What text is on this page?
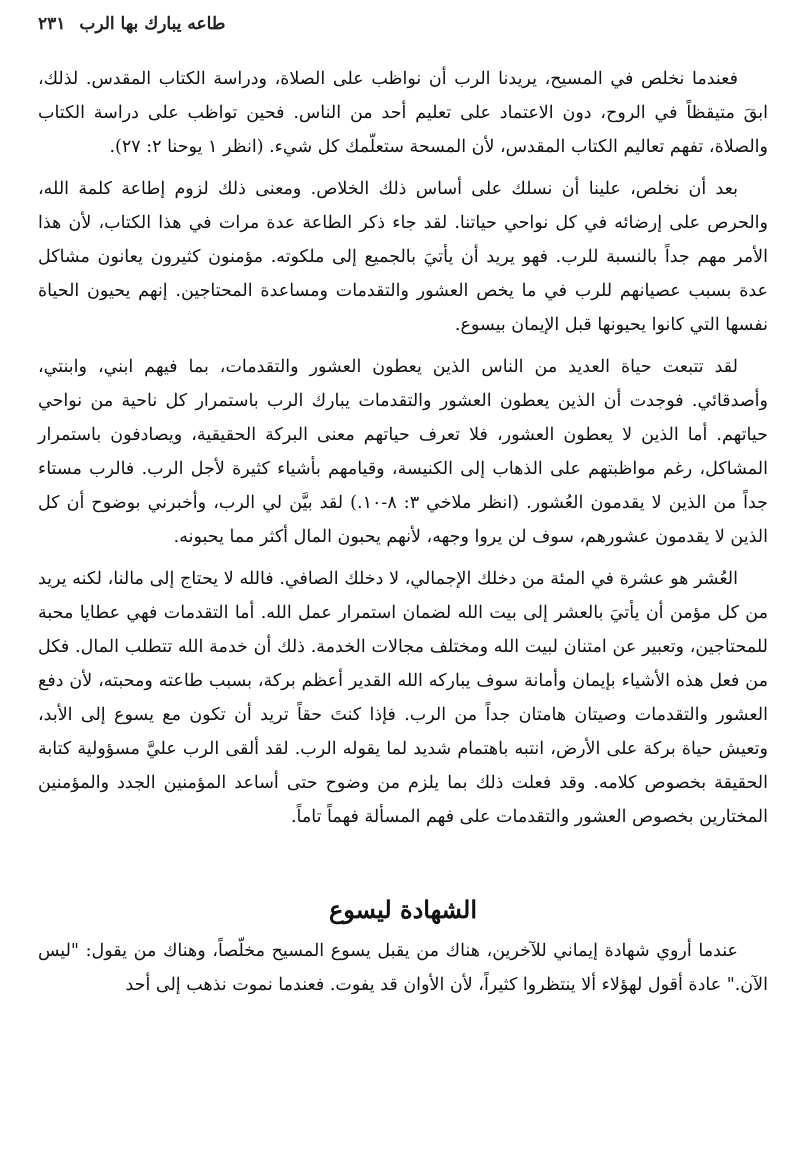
طاعه يبارك بها الرب ٢٣١

فعندما نخلص في المسيح، يريدنا الرب أن نواظب على الصلاة، ودراسة الكتاب المقدس. لذلك، ابقَ متيقظاً في الروح، دون الاعتماد على تعليم أحد من الناس. فحين تواظب على دراسة الكتاب والصلاة، تفهم تعاليم الكتاب المقدس، لأن المسحة ستعلّمك كل شيء. (انظر ١ يوحنا ٢: ٢٧).

بعد أن نخلص، علينا أن نسلك على أساس ذلك الخلاص. ومعنى ذلك لزوم إطاعة كلمة الله، والحرص على إرضائه في كل نواحي حياتنا. لقد جاء ذكر الطاعة عدة مرات في هذا الكتاب، لأن هذا الأمر مهم جداً بالنسبة للرب. فهو يريد أن يأتيَ بالجميع إلى ملكوته. مؤمنون كثيرون يعانون مشاكل عدة بسبب عصيانهم للرب في ما يخص العشور والتقدمات ومساعدة المحتاجين. إنهم يحيون الحياة نفسها التي كانوا يحيونها قبل الإيمان بيسوع.

لقد تتبعت حياة العديد من الناس الذين يعطون العشور والتقدمات، بما فيهم ابني، وابنتي، وأصدقائي. فوجدت أن الذين يعطون العشور والتقدمات يبارك الرب باستمرار كل ناحية من نواحي حياتهم. أما الذين لا يعطون العشور، فلا تعرف حياتهم معنى البركة الحقيقية، ويصادفون باستمرار المشاكل، رغم مواظبتهم على الذهاب إلى الكنيسة، وقيامهم بأشياء كثيرة لأجل الرب. فالرب مستاء جداً من الذين لا يقدمون العُشور. (انظر ملاخي ٣: ٨-١٠.) لقد بيَّن لي الرب، وأخبرني بوضوح أن كل الذين لا يقدمون عشورهم، سوف لن يروا وجهه، لأنهم يحبون المال أكثر مما يحبونه.

العُشر هو عشرة في المئة من دخلك الإجمالي، لا دخلك الصافي. فالله لا يحتاج إلى مالنا، لكنه يريد من كل مؤمن أن يأتيَ بالعشر إلى بيت الله لضمان استمرار عمل الله. أما التقدمات فهي عطايا محبة للمحتاجين، وتعبير عن امتنان لبيت الله ومختلف مجالات الخدمة. ذلك أن خدمة الله تتطلب المال. فكل من فعل هذه الأشياء بإيمان وأمانة سوف يباركه الله القدير أعظم بركة، بسبب طاعته ومحبته، لأن دفع العشور والتقدمات وصيتان هامتان جداً من الرب. فإذا كنتَ حقاً تريد أن تكون مع يسوع إلى الأبد، وتعيش حياة بركة على الأرض، انتبه باهتمام شديد لما يقوله الرب. لقد ألقى الرب عليَّ مسؤولية كتابة الحقيقة بخصوص كلامه. وقد فعلت ذلك بما يلزم من وضوح حتى أساعد المؤمنين الجدد والمؤمنين المختارين بخصوص العشور والتقدمات على فهم المسألة فهماً تاماً.

الشهادة ليسوع

عندما أروي شهادة إيماني للآخرين، هناك من يقبل يسوع المسيح مخلّصاً، وهناك من يقول: "ليس الآن." عادة أقول لهؤلاء ألا ينتظروا كثيراً، لأن الأوان قد يفوت. فعندما نموت نذهب إلى أحد
